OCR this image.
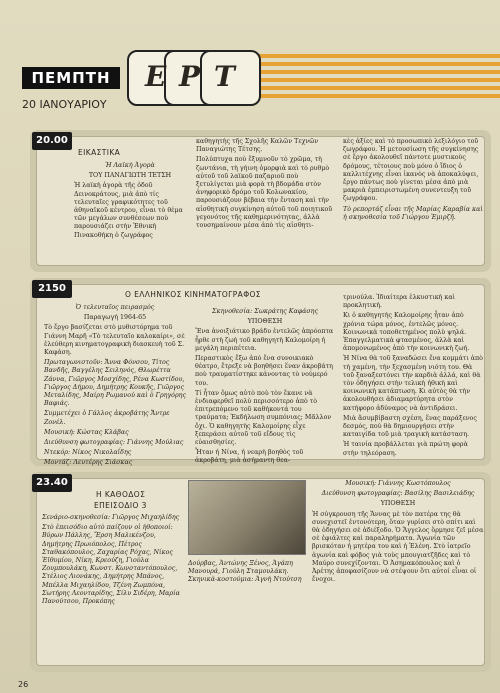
Ε Ρ Τ
ΠΕΜΠΤΗ
20 ΙΑΝΟΥΑΡΙΟΥ
20.00
ΕΙΚΑΣΤΙΚΑ

Ἡ Λαϊκὴ Ἀγορὰ

ΤΟΥ ΠΑΝΑΓΙΩΤΗ ΤΕΤΣΗ

Ἡ λαϊκὴ ἀγορὰ τῆς ὁδοῦ Δεινοκράτους, μιὰ ἀπὸ τίς τελευταῖες γραφικότητες τοῦ ἀθηναϊκοῦ κέντρου, εἶναι τὸ θέμα τῶν μεγάλων συνθέσεων ποὺ παρουσιάζει στὴν Ἐθνικὴ Πινακοθήκη ὁ ζωγράφος

καθηγητὴς τῆς Σχολῆς Καλῶν Τεχνῶν Παναγιώτης Τέτσης.

Πολύπτυχα ποὺ ἔξυμνοῦν τὸ χρῶμα, τὴ ζωντάνια, τὴ γήινη ὁμορφιὰ καὶ τὸ ρυθμὸ αὐτοῦ τοῦ λαϊκοῦ παζαριοῦ ποὺ ξετυλίγεται μιὰ φορὰ τὴ βδομάδα στὸν ἀνηφορικὸ δρόμο τοῦ Κολωνακίου, παρουσιάζουν βέβαια τὴν ἔνταση καὶ τὴν αἰσθητικὴ συγκίνηση αὐτοῦ τοῦ ποιητικοῦ γεγονότος τῆς καθημερινότητας, ἀλλὰ τουσημαίνουν μέσα ἀπὸ τὶς αἰσθητι-

κὲς ἀξίες καὶ τὸ προσωπικὸ λεξιλόγιο τοῦ ζωγράφου. Ἡ μετουσίωση τῆς συγκίνησης σὲ ἔργο ἀκολουθεῖ πάντοτε μυστικοὺς δρόμους, τέτοιους ποὺ μόνο ὁ ἴδιος ὁ καλλιτέχνης εἶναι ἱκανὸς νὰ ἀποκαλύψει, ἔργο πάντως ποὺ γίνεται μέσα ἀπὸ μιὰ μακριὰ ἐμπειριστωμένη συνεντευξη τοῦ ζωγράφου.

Τὸ ρεπορτάζ εἶναι τῆς Μαρίας Καραβία καὶ ἡ σκηνοθεσία τοῦ Γιώργου Ἐμιρζῆ.

2150
Ο ΕΛΛΗΝΙΚΟΣ ΚΙΝΗΜΑΤΟΓΡΑΦΟΣ

Ὁ τελευταῖος πειρασμὸς

Παραγωγή 1964-65

Τὸ ἔργο βασίζεται στὸ μυθιστόρημα τοῦ Γιάννη Μαρῆ «Τὸ τελευταῖο καλοκαίρι», σὲ ἐλεύθερη κινηματογραφικὴ διασκευὴ τοῦ Σ. Καφάση.

Πρωταγωνιστοῦν: Ἄννα Φόνσου, Τίτος Βανδῆς, Βαγγέλης Σειληνός, Θλωρέττα Ζάννα, Γιῶργος Μοσχίδης, Ρένα Κωστίδου, Γιῶργος Δήμου, Δημήτρης Κουκῆς, Γιῶργος Μεταλίδης, Μαίρη Ρωμανού καὶ ὁ Γρηγόρης Βαφιάς.

Συμμετέχει ὁ Γάλλος ἀκροβάτης Ἄντρε Ζονέλ.

Μουσική: Κώστας Κλάβας

Διεύθυνση φωτογραφίας: Γιάννης Μούλιας

Ντεκόρ: Νίκος Νικολαΐδης

Μοντάζ: Λευτέρης Σιάσκας

Σκηνοθεσία: Σωκράτης Καφάσης

ΥΠΟΘΕΣΗ

Ἕνα ἀνοιξιάτικο βράδυ ἐντελῶς ἀπρόοπτα ἦρθε στὴ ζωὴ τοῦ καθηγητὴ Καλομοίρη ἡ μεγάλη περιπέτεια.

Περαστικὸς ἔξω ἀπὸ ἕνα συνοικιακὸ θέατρο, ἔτρεξε νὰ βοηθήσει ἕναν ἀκροβάτη ποὺ τραυματίστηκε κάνοντας τὸ νούμερό του.

Τί ἦταν ὅμως αὐτὸ ποὺ τὸν ἔκανε νὰ ἐνδιαφερθεῖ πολὺ περισσότερο ἀπὸ τὸ ἐπιτρεπόμενο τοῦ καθήκοντά του τραύματα; Ἐκδήλωση συμπόνιας; Μᾶλλον ὄχι. Ὁ καθηγητὴς Καλομοίρης εἶχε ξεπεράσει αὐτοῦ τοῦ εἴδους τὶς εὐαισθησίες.

Ἦταν ἡ Νίνα, ἡ νεαρὴ βοηθὸς τοῦ ἀκροβάτη, μιὰ ἀσήμαντη θεα-

τρινούλα. Ἰδιαίτερα ἑλκυστικὴ καὶ προκλητική.

Κι ὁ καθηγητὴς Καλομοίρης ἦταν ἀπὸ χρόνια τώρα μόνος, ἐντελῶς μόνος. Κοινωνικὰ τοποθετημένος πολὺ ψηλά. Ἐπαγγελματικὰ φτασμένος, ἀλλὰ καὶ ἀπομονωμένος ἀπὸ τὴν κοινωνικὴ ζωή.

Ἡ Νίνα θὰ τοῦ ξαναδώσει ἕνα κομμάτι ἀπὸ τὴ χαμένη, τὴν ξεχασμένη νιότη του. Θὰ τοῦ ξαναξεστόνει τὴν καρδιὰ ἀλλά, καὶ θὰ τὸν ὁδηγήσει στὴν τελικὴ ἠθικὴ καὶ κοινωνικὴ κατάπτωση. Κι αὐτὸς θὰ τὴν ἀκολουθήσει ἀδιαμαρτύρητα στὸν κατήφορο ἀδύναμος νὰ ἀντιδράσει.

Μιὰ ἄσυμβίβαστη σχέση, ἕνας παράξενος δεσμός, ποὺ θὰ δημιουργήσει στὴν καταιγίδα τοῦ μιὰ τραγικὴ κατάσταση.

Ἡ ταινία προβάλλεται γιὰ πρώτη φορὰ στὴν τηλεόραση.

23.40
Η ΚΑΘΟΔΟΣ
ΕΠΕΙΣΟΔΙΟ 3

Σενάριο-σκηνοθεσία: Γιῶργος Μιχαηλίδης

Στὸ ἐπεισόδιο αὐτὸ παίζουν οἱ ἠθοποιοί: Βύρων Πάλλης, Ἔρση Μαλικένζου, Δημήτρης Πρωιόπολος, Πέτρος Σταθακόπουλος, Ζαχαρίας Ρόχας, Νίκος Ἐϊθυμίου, Νίκη, Κρεούζη, Γιούλα Ζουμπουλάκη, Κωνστ. Κωνσταντόπουλος, Στέλιος Λιονάκης, Δημήτρης Μπάνος, Μπέλλα Μιχαηλίδου, Τζένη Ζωμπόνα, Σωτήρης Λεονταρίδης, Σίλυ Σιδέρη, Μαρία Πανούτσου, Προκόπης

Δούρβας, Ἀντώνης Ξένος, Ἀγάπη Μανουρά, Γιούλη Σταμουλάκη. Σκηνικὰ-κοστούμια: Ἀγνὴ Ντούτση

Μουσική: Γιάννης Κωστόπουλος

Διεύθυνση φωτογραφίας: Βασίλης Βασιλειάδης

ΥΠΟΘΕΣΗ

Ἡ σύγκρουση τῆς Ἄννας μὲ τὸν πατέρα της θὰ συνεχιστεῖ ἐντονότερη, ὅταν γυρίσει στὸ σπίτι καὶ θὰ ὁδηγήσει σὲ ἀδιέξοδο. Ὁ Ἄγγελος ὅρμησε ζεῖ μέσα σὲ ἐφιάλτες καὶ παραληρήματα. Ἀγωνία τῶν βρισκόταν ἡ μητέρα του καὶ ἡ Ἑλένη. Στὸ ἰατρεῖο ἀγωνία καὶ φόβος γιὰ τοὺς μπουγιατζῆδες καὶ τὸ Μαύρο συνεχίζονται. Ὁ Ἀσημακόπουλος καὶ ὁ Ἀρέτης ἀποφασίζουν νὰ στέψουν ὅτι αὐτοί εἶναι οἱ ἔνοχοι.

26
